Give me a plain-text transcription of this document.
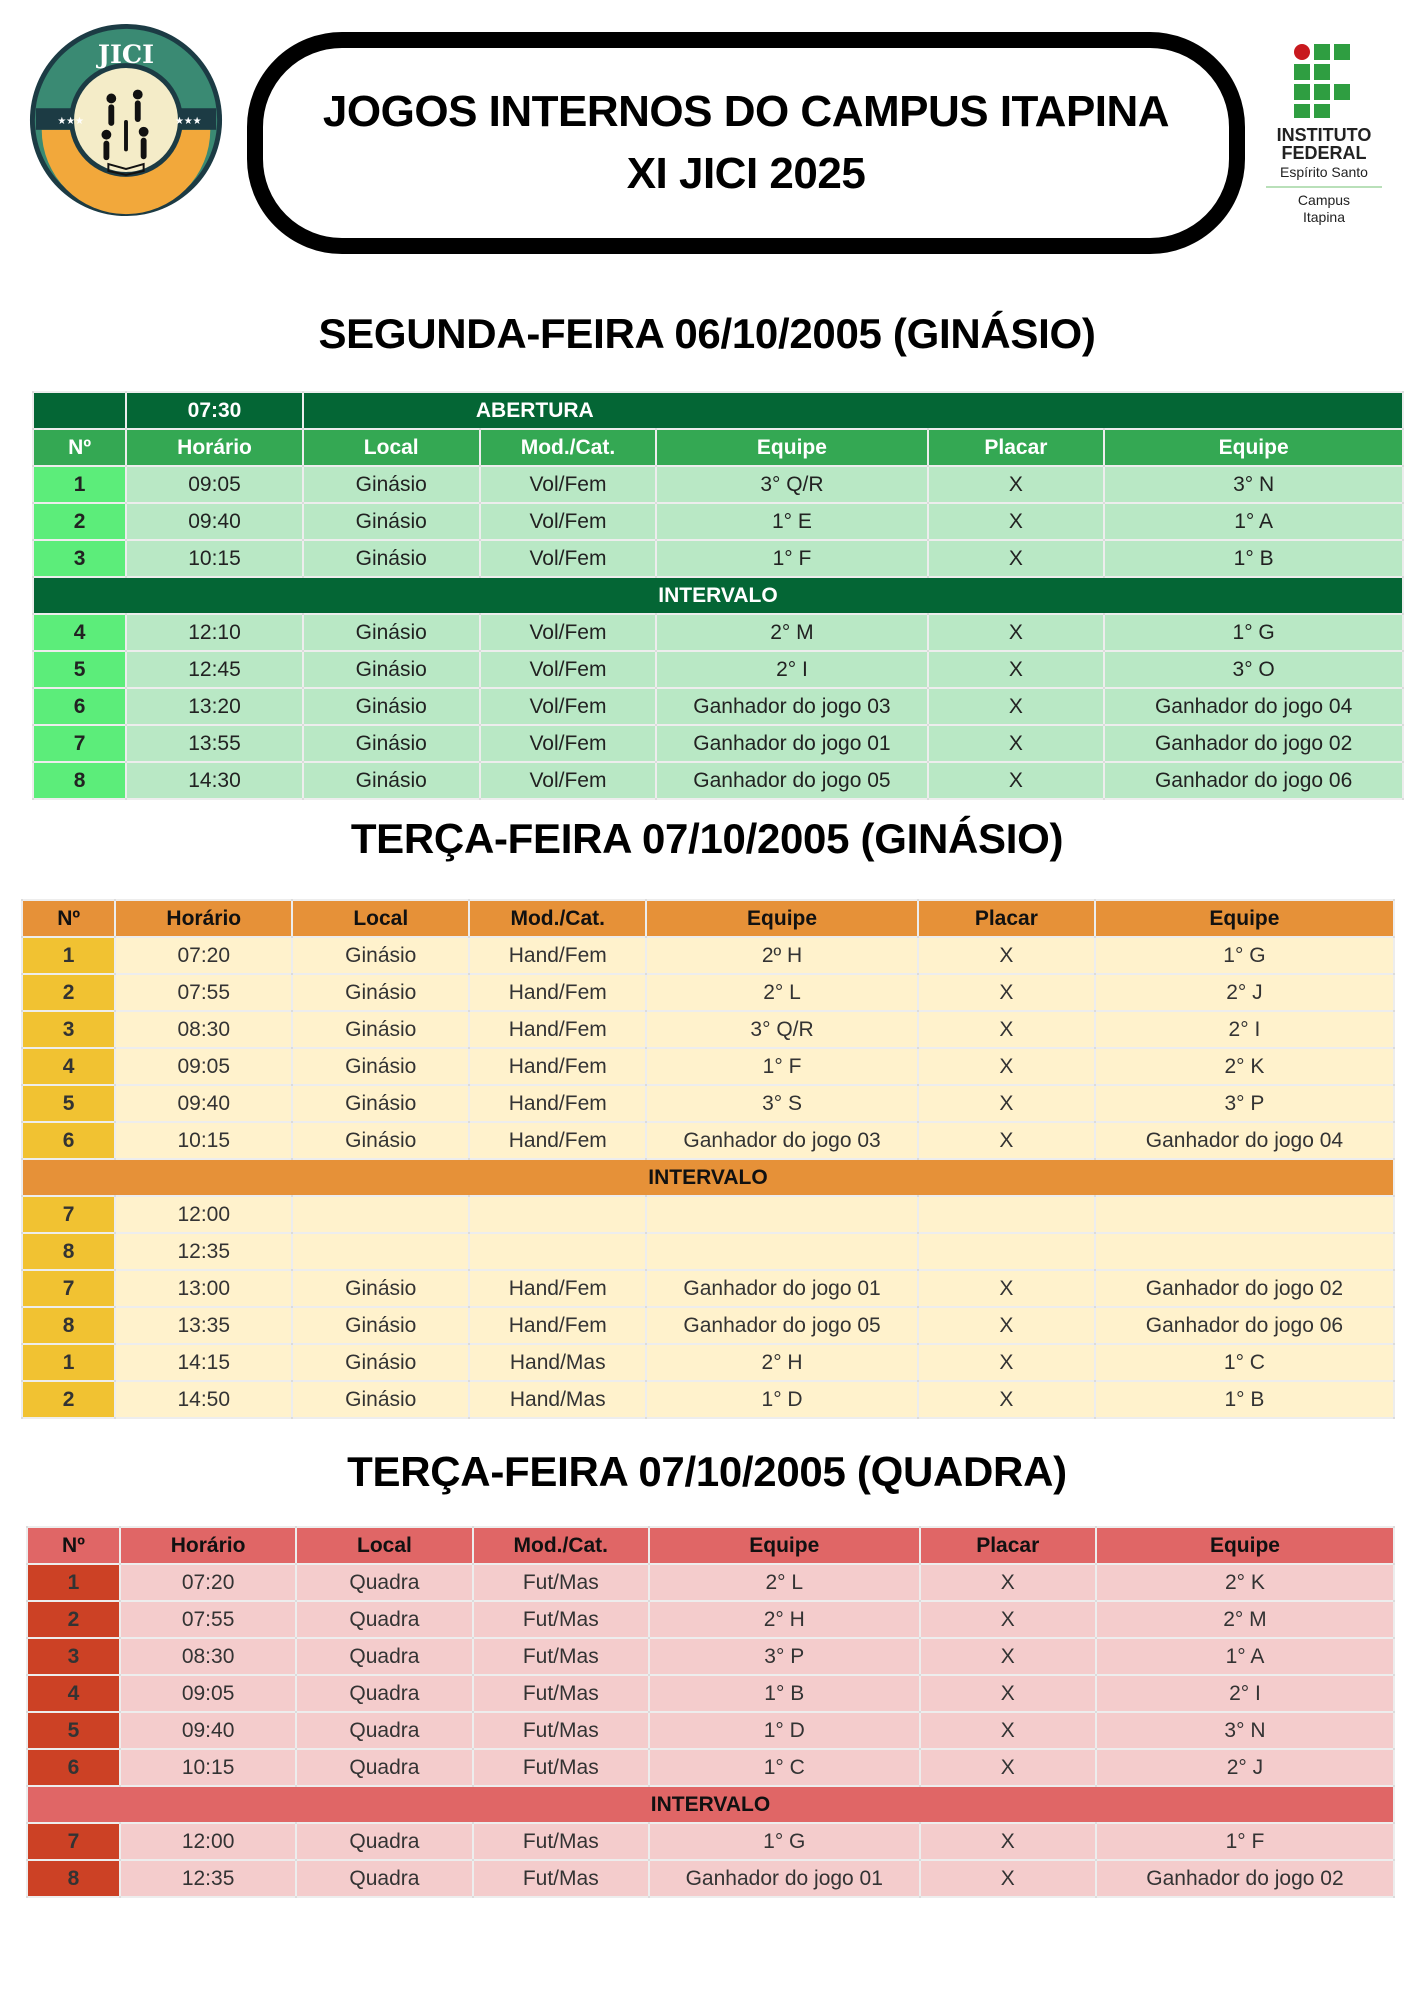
JICI
★★★	★★★	JOGOS INTERNOS DO CAMPUS ITAPINA
XI JICI 2025
INSTITUTO
FEDERAL
Espírito Santo
Campus
Itapina
SEGUNDA-FEIRA 06/10/2005 (GINÁSIO)
	07:30	ABERTURA				
Nº	Horário	Local	Mod./Cat.	Equipe	Placar	Equipe
1	09:05	Ginásio	Vol/Fem	3° Q/R	X	3° N
2	09:40	Ginásio	Vol/Fem	1° E	X	1° A
3	10:15	Ginásio	Vol/Fem	1° F	X	1° B
INTERVALO						
4	12:10	Ginásio	Vol/Fem	2° M	X	1° G
5	12:45	Ginásio	Vol/Fem	2° I	X	3° O
6	13:20	Ginásio	Vol/Fem	Ganhador do jogo 03	X	Ganhador do jogo 04
7	13:55	Ginásio	Vol/Fem	Ganhador do jogo 01	X	Ganhador do jogo 02
8	14:30	Ginásio	Vol/Fem	Ganhador do jogo 05	X	Ganhador do jogo 06
TERÇA-FEIRA 07/10/2005 (GINÁSIO)
Nº	Horário	Local	Mod./Cat.	Equipe	Placar	Equipe
1	07:20	Ginásio	Hand/Fem	2º H	X	1° G
2	07:55	Ginásio	Hand/Fem	2° L	X	2° J
3	08:30	Ginásio	Hand/Fem	3° Q/R	X	2° I
4	09:05	Ginásio	Hand/Fem	1° F	X	2° K
5	09:40	Ginásio	Hand/Fem	3° S	X	3° P
6	10:15	Ginásio	Hand/Fem	Ganhador do jogo 03	X	Ganhador do jogo 04
INTERVALO						
7	12:00					
8	12:35					
7	13:00	Ginásio	Hand/Fem	Ganhador do jogo 01	X	Ganhador do jogo 02
8	13:35	Ginásio	Hand/Fem	Ganhador do jogo 05	X	Ganhador do jogo 06
1	14:15	Ginásio	Hand/Mas	2° H	X	1° C
2	14:50	Ginásio	Hand/Mas	1° D	X	1° B
TERÇA-FEIRA 07/10/2005 (QUADRA)
Nº	Horário	Local	Mod./Cat.	Equipe	Placar	Equipe
1	07:20	Quadra	Fut/Mas	2° L	X	2° K
2	07:55	Quadra	Fut/Mas	2° H	X	2° M
3	08:30	Quadra	Fut/Mas	3° P	X	1° A
4	09:05	Quadra	Fut/Mas	1° B	X	2° I
5	09:40	Quadra	Fut/Mas	1° D	X	3° N
6	10:15	Quadra	Fut/Mas	1° C	X	2° J
INTERVALO						
7	12:00	Quadra	Fut/Mas	1° G	X	1° F
8	12:35	Quadra	Fut/Mas	Ganhador do jogo 01	X	Ganhador do jogo 02
